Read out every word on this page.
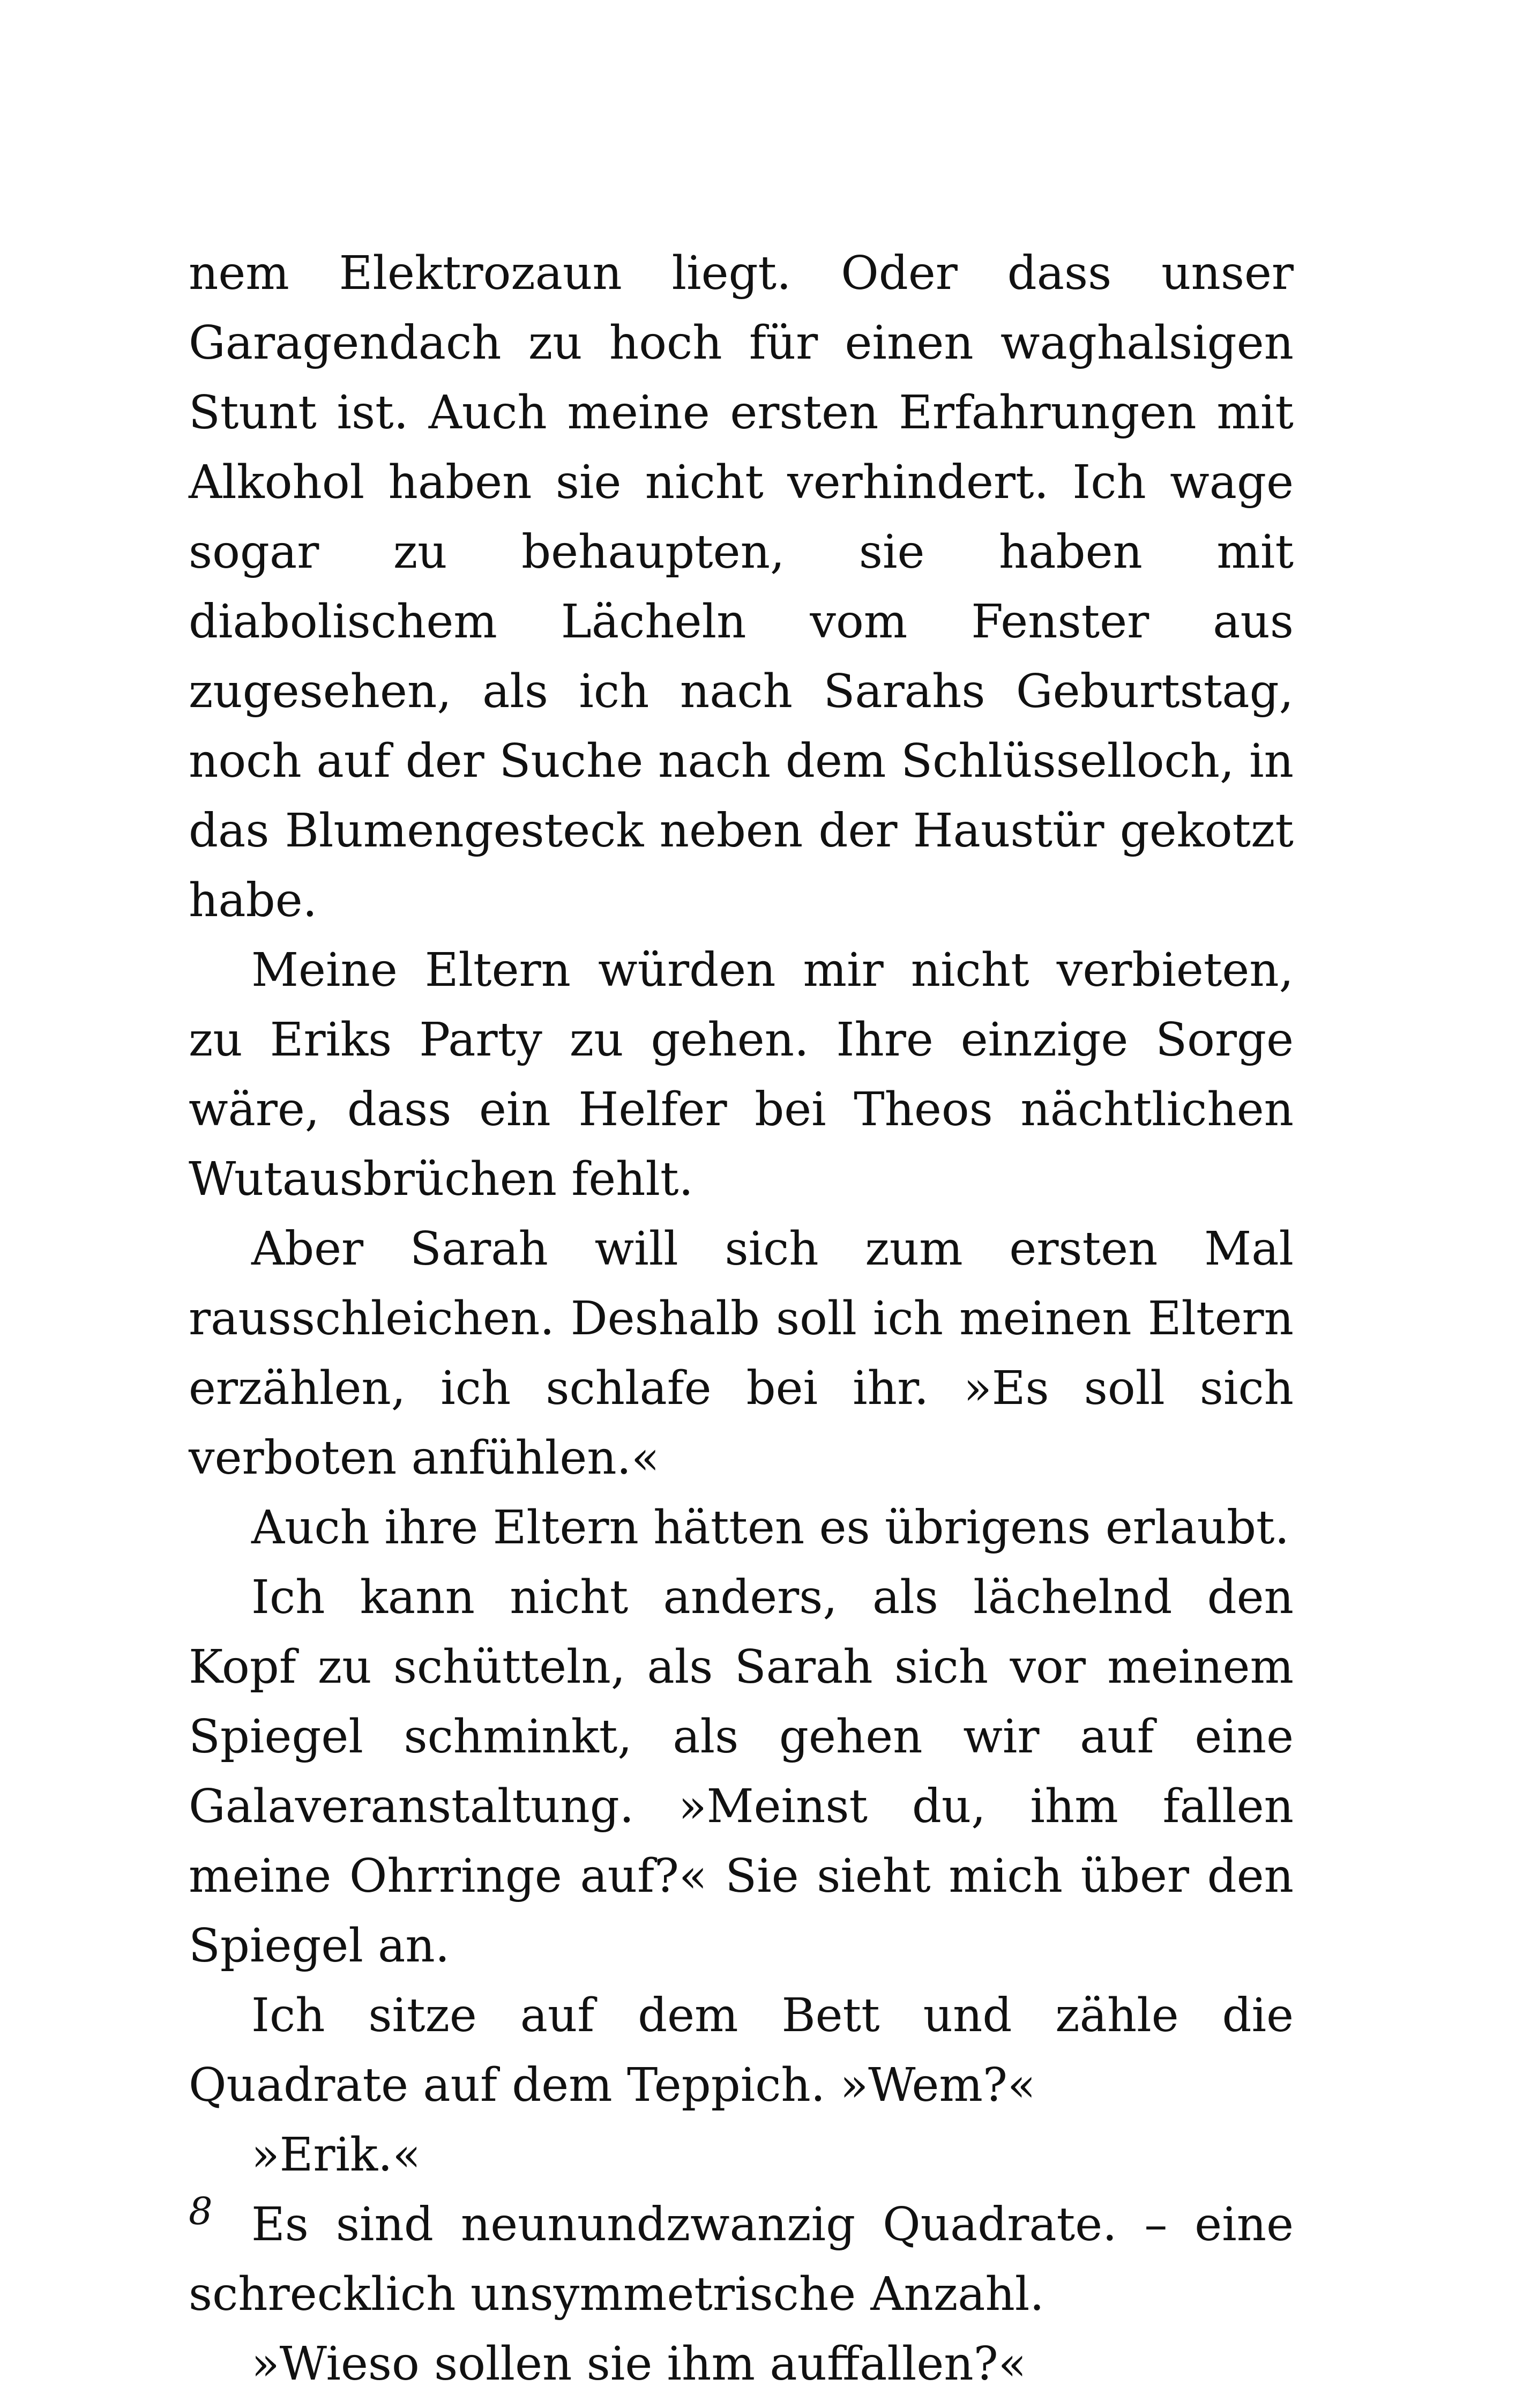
nem Elektrozaun liegt. Oder dass unser Garagendach zu hoch für einen waghalsigen Stunt ist. Auch meine ersten Erfahrungen mit Alkohol haben sie nicht verhindert. Ich wage sogar zu behaupten, sie haben mit diabolischem Lächeln vom Fenster aus zugesehen, als ich nach Sarahs Geburtstag, noch auf der Suche nach dem Schlüsselloch, in das Blumengesteck neben der Haustür gekotzt habe.

Meine Eltern würden mir nicht verbieten, zu Eriks Party zu gehen. Ihre einzige Sorge wäre, dass ein Helfer bei Theos nächtlichen Wutausbrüchen fehlt.

Aber Sarah will sich zum ersten Mal rausschleichen. Deshalb soll ich meinen Eltern erzählen, ich schlafe bei ihr. »Es soll sich verboten anfühlen.«

Auch ihre Eltern hätten es übrigens erlaubt.

Ich kann nicht anders, als lächelnd den Kopf zu schütteln, als Sarah sich vor meinem Spiegel schminkt, als gehen wir auf eine Galaveranstaltung. »Meinst du, ihm fallen meine Ohrringe auf?« Sie sieht mich über den Spiegel an.

Ich sitze auf dem Bett und zähle die Quadrate auf dem Teppich. »Wem?«

»Erik.«

Es sind neunundzwanzig Quadrate. – eine schrecklich unsymmetrische Anzahl.

»Wieso sollen sie ihm auffallen?«

8
